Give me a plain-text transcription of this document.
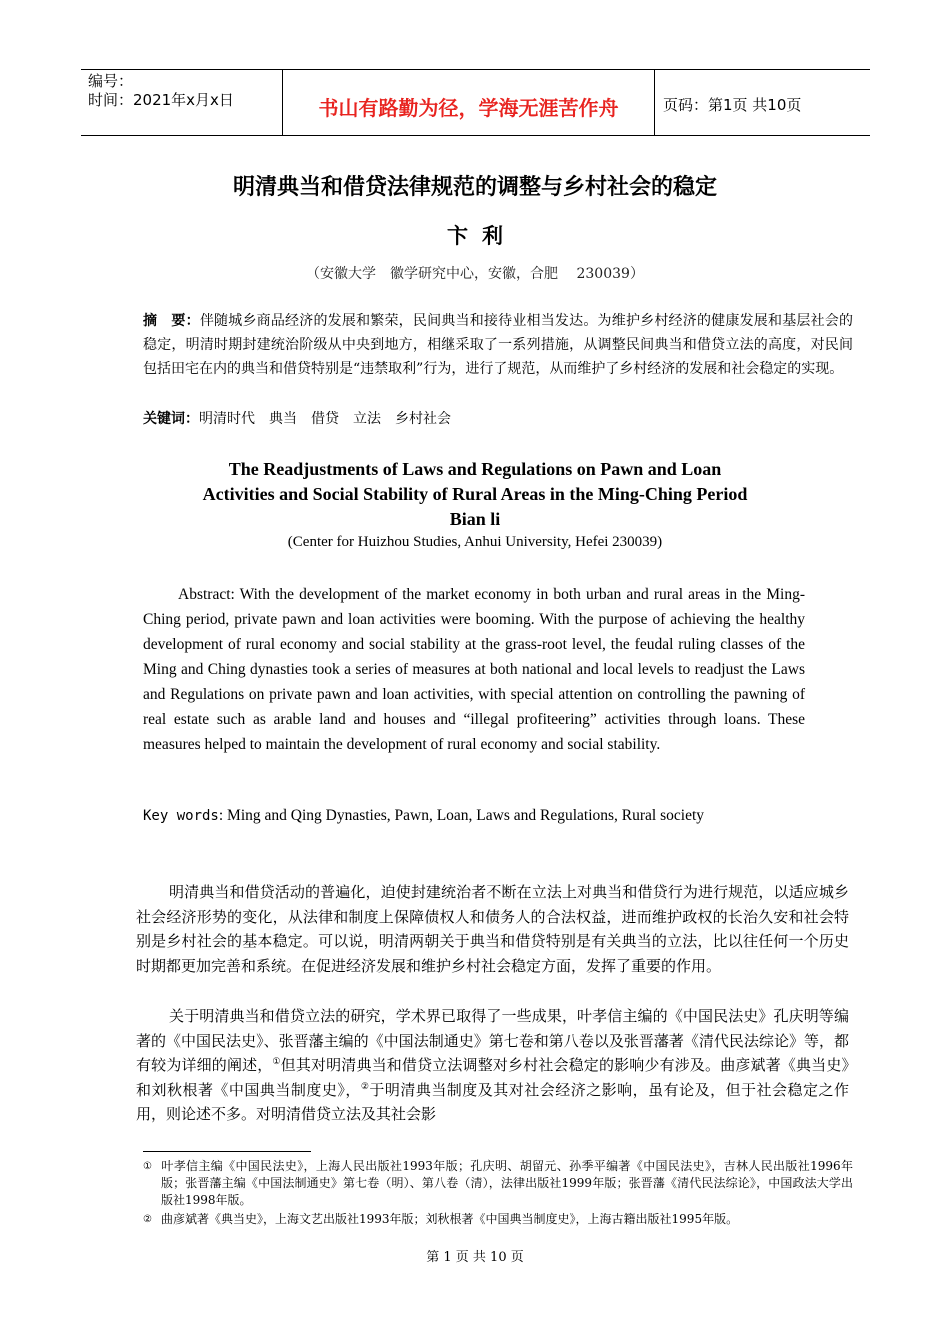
编号：
时间：2021年x月x日	书山有路勤为径，学海无涯苦作舟	页码：第1页 共10页
明清典当和借贷法律规范的调整与乡村社会的稳定
卞利
（安徽大学　徽学研究中心，安徽，合肥　 230039）
摘　要：伴随城乡商品经济的发展和繁荣，民间典当和接待业相当发达。为维护乡村经济的健康发展和基层社会的稳定，明清时期封建统治阶级从中央到地方，相继采取了一系列措施，从调整民间典当和借贷立法的高度，对民间包括田宅在内的典当和借贷特别是“违禁取利”行为，进行了规范，从而维护了乡村经济的发展和社会稳定的实现。
关键词：明清时代　典当　借贷　立法　乡村社会
The Readjustments of Laws and Regulations on Pawn and Loan
Activities and Social Stability of Rural Areas in the Ming-Ching Period
Bian li
(Center for Huizhou Studies, Anhui University, Hefei 230039)
Abstract: With the development of the market economy in both urban and rural areas in the Ming-Ching period, private pawn and loan activities were booming. With the purpose of achieving the healthy development of rural economy and social stability at the grass-root level, the feudal ruling classes of the Ming and Ching dynasties took a series of measures at both national and local levels to readjust the Laws and Regulations on private pawn and loan activities, with special attention on controlling the pawning of real estate such as arable land and houses and “illegal profiteering” activities through loans. These measures helped to maintain the development of rural economy and social stability.
Key words: Ming and Qing Dynasties, Pawn, Loan, Laws and Regulations, Rural society
明清典当和借贷活动的普遍化，迫使封建统治者不断在立法上对典当和借贷行为进行规范，以适应城乡社会经济形势的变化，从法律和制度上保障债权人和债务人的合法权益，进而维护政权的长治久安和社会特别是乡村社会的基本稳定。可以说，明清两朝关于典当和借贷特别是有关典当的立法，比以往任何一个历史时期都更加完善和系统。在促进经济发展和维护乡村社会稳定方面，发挥了重要的作用。
关于明清典当和借贷立法的研究，学术界已取得了一些成果，叶孝信主编的《中国民法史》孔庆明等编著的《中国民法史》、张晋藩主编的《中国法制通史》第七卷和第八卷以及张晋藩著《清代民法综论》等，都有较为详细的阐述，①但其对明清典当和借贷立法调整对乡村社会稳定的影响少有涉及。曲彦斌著《典当史》和刘秋根著《中国典当制度史》，②于明清典当制度及其对社会经济之影响，虽有论及，但于社会稳定之作用，则论述不多。对明清借贷立法及其社会影
① 叶孝信主编《中国民法史》，上海人民出版社1993年版；孔庆明、胡留元、孙季平编著《中国民法史》，吉林人民出版社1996年版；张晋藩主编《中国法制通史》第七卷（明）、第八卷（清），法律出版社1999年版；张晋藩《清代民法综论》，中国政法大学出版社1998年版。
② 曲彦斌著《典当史》，上海文艺出版社1993年版；刘秋根著《中国典当制度史》，上海古籍出版社1995年版。
第 1 页 共 10 页
